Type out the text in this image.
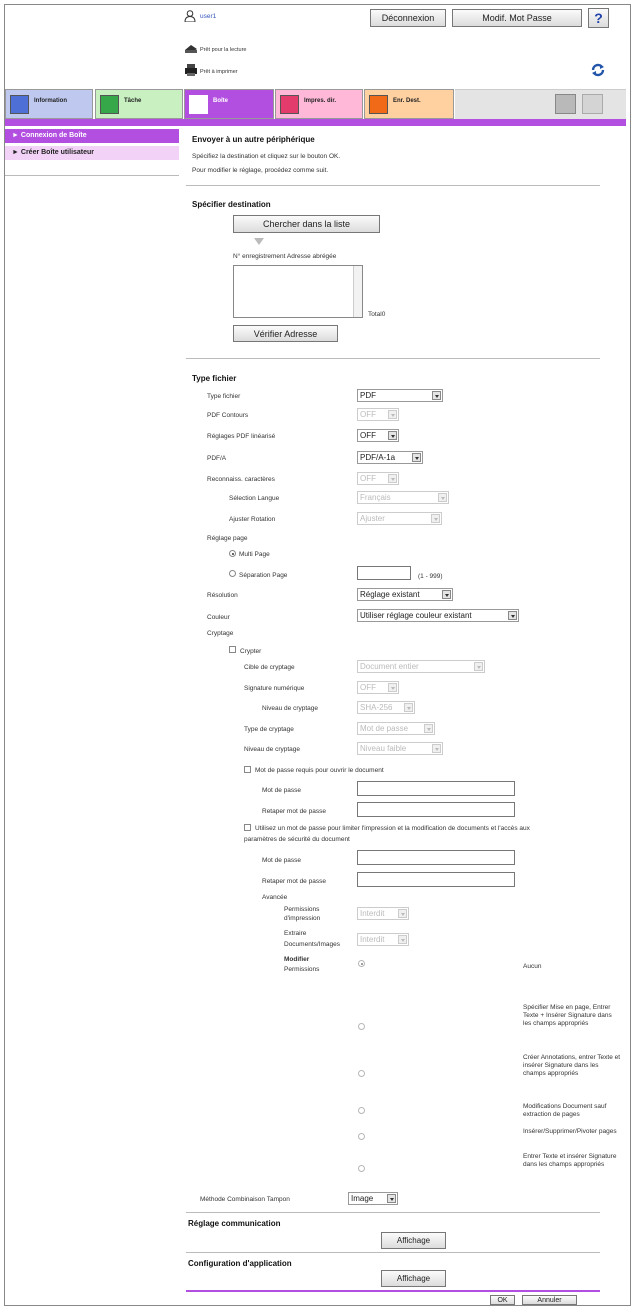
user1	Déconnexion	Modif. Mot Passe	?
Prêt pour la lecture
Prêt à imprimer
Information	Tâche	Boîte	Impres. dir.	Enr. Dest.
► Connexion de Boîte
► Créer Boîte utilisateur
Envoyer à un autre périphérique
Spécifiez la destination et cliquez sur le bouton OK.
Pour modifier le réglage, procédez comme suit.
Spécifier destination
Chercher dans la liste
N° enregistrement Adresse abrégée
Total0
Vérifier Adresse
Type fichier
Type fichier	PDF
PDF Contours	OFF
Réglages PDF linéarisé	OFF
PDF/A	PDF/A-1a
Reconnaiss. caractères	OFF
Sélection Langue	Français
Ajuster Rotation	Ajuster
Réglage page
Multi Page
Séparation Page	(1 - 999)
Résolution	Réglage existant
Couleur	Utiliser réglage couleur existant
Cryptage
Crypter
Cible de cryptage	Document entier
Signature numérique	OFF
Niveau de cryptage	SHA-256
Type de cryptage	Mot de passe
Niveau de cryptage	Niveau faible
Mot de passe requis pour ouvrir le document
Mot de passe
Retaper mot de passe
Utilisez un mot de passe pour limiter l'impression et la modification de documents et l'accès aux
paramètres de sécurité du document
Mot de passe
Retaper mot de passe
Avancée
Permissions
d'impression
Interdit
Extraire
Documents/Images
Interdit
Modifier
Permissions	Aucun
Spécifier Mise en page, Entrer Texte + Insérer Signature dans les champs appropriés
Créer Annotations, entrer Texte et insérer Signature dans les champs appropriés
Modifications Document sauf extraction de pages
Insérer/Supprimer/Pivoter pages
Entrer Texte et insérer Signature dans les champs appropriés
Méthode Combinaison Tampon	Image
Réglage communication
Affichage
Configuration d'application
Affichage
OK	Annuler
